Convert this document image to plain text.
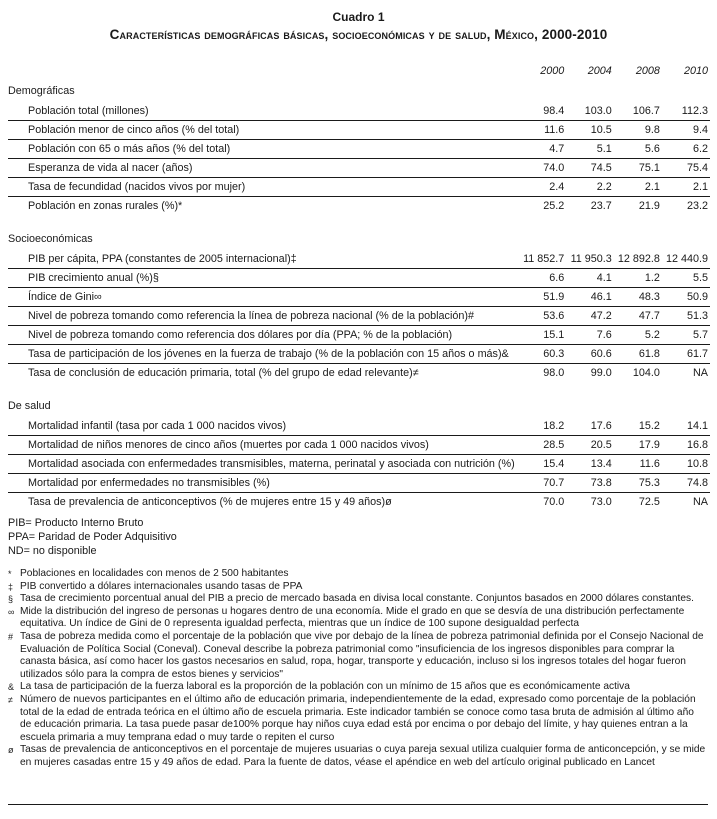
Cuadro 1
Características demográficas básicas, socioeconómicas y de salud, México, 2000-2010
	2000	2004	2008	2010
Demográficas				
Población total (millones)	98.4	103.0	106.7	112.3
Población menor de cinco años (% del total)	11.6	10.5	9.8	9.4
Población con 65 o más años (% del total)	4.7	5.1	5.6	6.2
Esperanza de vida al nacer (años)	74.0	74.5	75.1	75.4
Tasa de fecundidad (nacidos vivos por mujer)	2.4	2.2	2.1	2.1
Población en zonas rurales (%)*	25.2	23.7	21.9	23.2

Socioeconómicas				
PIB per cápita, PPA (constantes de 2005 internacional)‡	11 852.7	11 950.3	12 892.8	12 440.9
PIB crecimiento anual (%)§	6.6	4.1	1.2	5.5
Índice de Gini∞	51.9	46.1	48.3	50.9
Nivel de pobreza tomando como referencia la línea de pobreza nacional (% de la población)#	53.6	47.2	47.7	51.3
Nivel de pobreza tomando como referencia dos dólares por día (PPA; % de la población)	15.1	7.6	5.2	5.7
Tasa de participación de los jóvenes en la fuerza de trabajo (% de la población con 15 años o más)&	60.3	60.6	61.8	61.7
Tasa de conclusión de educación primaria, total (% del grupo de edad relevante)≠	98.0	99.0	104.0	NA

De salud				
Mortalidad infantil (tasa por cada 1 000 nacidos vivos)	18.2	17.6	15.2	14.1
Mortalidad de niños menores de cinco años (muertes por cada 1 000 nacidos vivos)	28.5	20.5	17.9	16.8
Mortalidad asociada con enfermedades transmisibles, materna, perinatal y asociada con nutrición (%)	15.4	13.4	11.6	10.8
Mortalidad por enfermedades no transmisibles (%)	70.7	73.8	75.3	74.8
Tasa de prevalencia de anticonceptivos (% de mujeres entre 15 y 49 años)ø	70.0	73.0	72.5	NA
PIB= Producto Interno Bruto
PPA= Paridad de Poder Adquisitivo
ND= no disponible
* Poblaciones en localidades con menos de 2 500 habitantes
‡ PIB convertido a dólares internacionales usando tasas de PPA
§ Tasa de crecimiento porcentual anual del PIB a precio de mercado basada en divisa local constante. Conjuntos basados en 2000 dólares constantes.
∞ Mide la distribución del ingreso de personas u hogares dentro de una economía. Mide el grado en que se desvía de una distribución perfectamente equitativa. Un índice de Gini de 0 representa igualdad perfecta, mientras que un índice de 100 supone desigualdad perfecta
# Tasa de pobreza medida como el porcentaje de la población que vive por debajo de la línea de pobreza patrimonial definida por el Consejo Nacional de Evaluación de Política Social (Coneval). Coneval describe la pobreza patrimonial como "insuficiencia de los ingresos disponibles para comprar la canasta básica, así como hacer los gastos necesarios en salud, ropa, hogar, transporte y educación, incluso si los ingresos totales del hogar fueron utilizados sólo para la compra de estos bienes y servicios"
& La tasa de participación de la fuerza laboral es la proporción de la población con un mínimo de 15 años que es económicamente activa
≠ Número de nuevos participantes en el último año de educación primaria, independientemente de la edad, expresado como porcentaje de la población total de la edad de entrada teórica en el último año de escuela primaria. Este indicador también se conoce como tasa bruta de admisión al último año de educación primaria. La tasa puede pasar de100% porque hay niños cuya edad está por encima o por debajo del límite, y hay quienes entran a la escuela primaria a muy temprana edad o muy tarde o repiten el curso
ø Tasas de prevalencia de anticonceptivos en el porcentaje de mujeres usuarias o cuya pareja sexual utiliza cualquier forma de anticoncepción, y se mide en mujeres casadas entre 15 y 49 años de edad. Para la fuente de datos, véase el apéndice en web del artículo original publicado en Lancet
